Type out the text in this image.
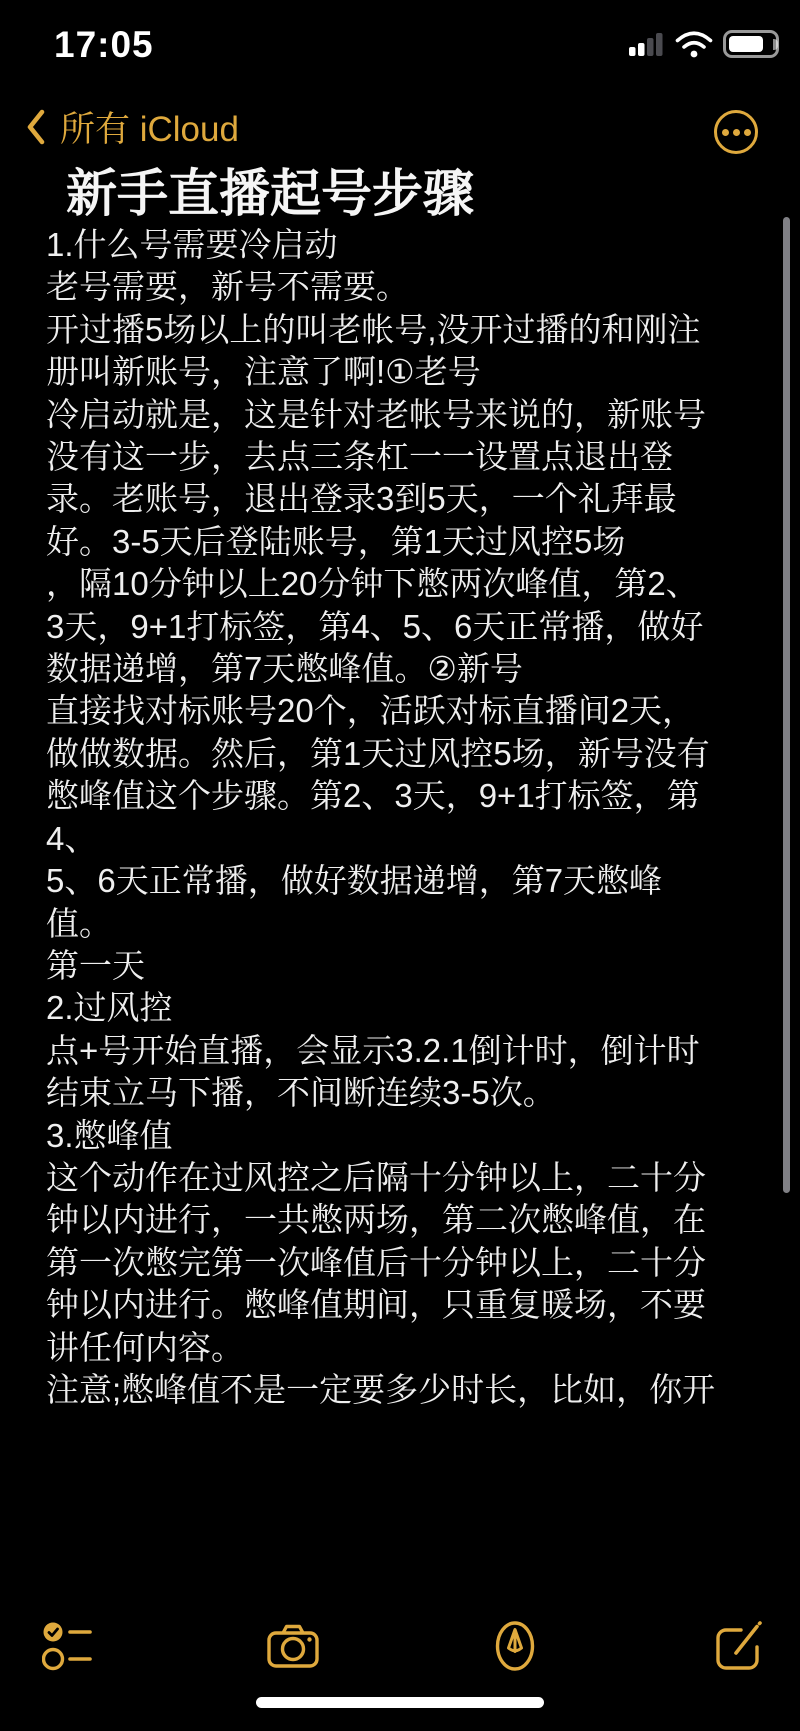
17:05
所有 iCloud
新手直播起号步骤
1.什么号需要冷启动
老号需要，新号不需要。
开过播5场以上的叫老帐号,没开过播的和刚注
册叫新账号，注意了啊!①老号
冷启动就是，这是针对老帐号来说的，新账号
没有这一步，去点三条杠一一设置点退出登
录。老账号，退出登录3到5天，一个礼拜最
好。3-5天后登陆账号，第1天过风控5场
，隔10分钟以上20分钟下憋两次峰值，第2、
3天，9+1打标签，第4、5、6天正常播，做好
数据递增，第7天憋峰值。②新号
直接找对标账号20个，活跃对标直播间2天，
做做数据。然后，第1天过风控5场，新号没有
憋峰值这个步骤。第2、3天，9+1打标签，第
4、
5、6天正常播，做好数据递增，第7天憋峰
值。
第一天
2.过风控
点+号开始直播，会显示3.2.1倒计时，倒计时
结束立马下播，不间断连续3-5次。
3.憋峰值
这个动作在过风控之后隔十分钟以上，二十分
钟以内进行，一共憋两场，第二次憋峰值，在
第一次憋完第一次峰值后十分钟以上，二十分
钟以内进行。憋峰值期间，只重复暖场，不要
讲任何内容。
注意;憋峰值不是一定要多少时长，比如，你开
